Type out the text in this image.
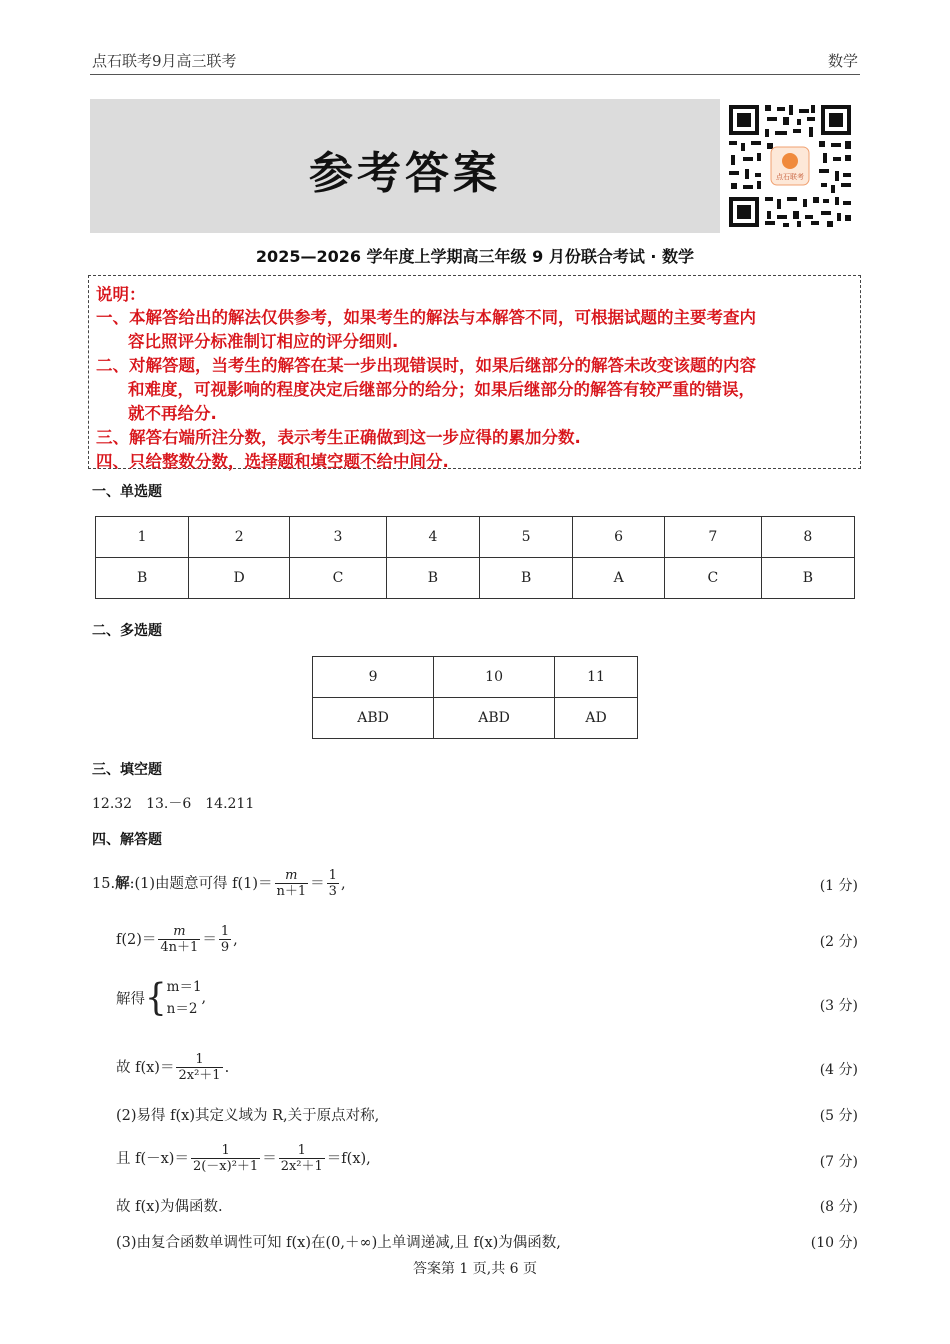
点石联考9月高三联考	数学
参考答案	点石联考
2025—2026 学年度上学期高三年级 9 月份联合考试 · 数学
说明：
一、本解答给出的解法仅供参考，如果考生的解法与本解答不同，可根据试题的主要考查内
容比照评分标准制订相应的评分细则.
二、对解答题，当考生的解答在某一步出现错误时，如果后继部分的解答未改变该题的内容
和难度，可视影响的程度决定后继部分的给分；如果后继部分的解答有较严重的错误，
就不再给分.
三、解答右端所注分数，表示考生正确做到这一步应得的累加分数.
四、只给整数分数，选择题和填空题不给中间分.
一、单选题
1	2	3	4	5	6	7	8
B	D	C	B	B	A	C	B
二、多选题
9	10	11
ABD	ABD	AD
三、填空题
12.32　13.－6　14.211
四、解答题
15.解:(1)由题意可得 $f(1)= \frac{m}{n+1} = \frac{1}{3}$ ,	(1 分)
$f(2)= \frac{m}{4n+1} = \frac{1}{9}$ ,	(2 分)
解得{ m＝1
n＝2
,	(3 分)
故 $f(x)= \frac{1}{\text{2x²＋1}}$ .	(4 分)
(2)易得 f(x)其定义域为 R,关于原点对称,	(5 分)
且 $f(-x)= \frac{1}{\text{2(－x)²＋1}} = \frac{1}{\text{2x²＋1}} =f(x)$,	(7 分)
故 f(x)为偶函数.	(8 分)
(3)由复合函数单调性可知 f(x)在(0,＋∞)上单调递减,且 f(x)为偶函数,	(10 分)
答案第 1 页,共 6 页
